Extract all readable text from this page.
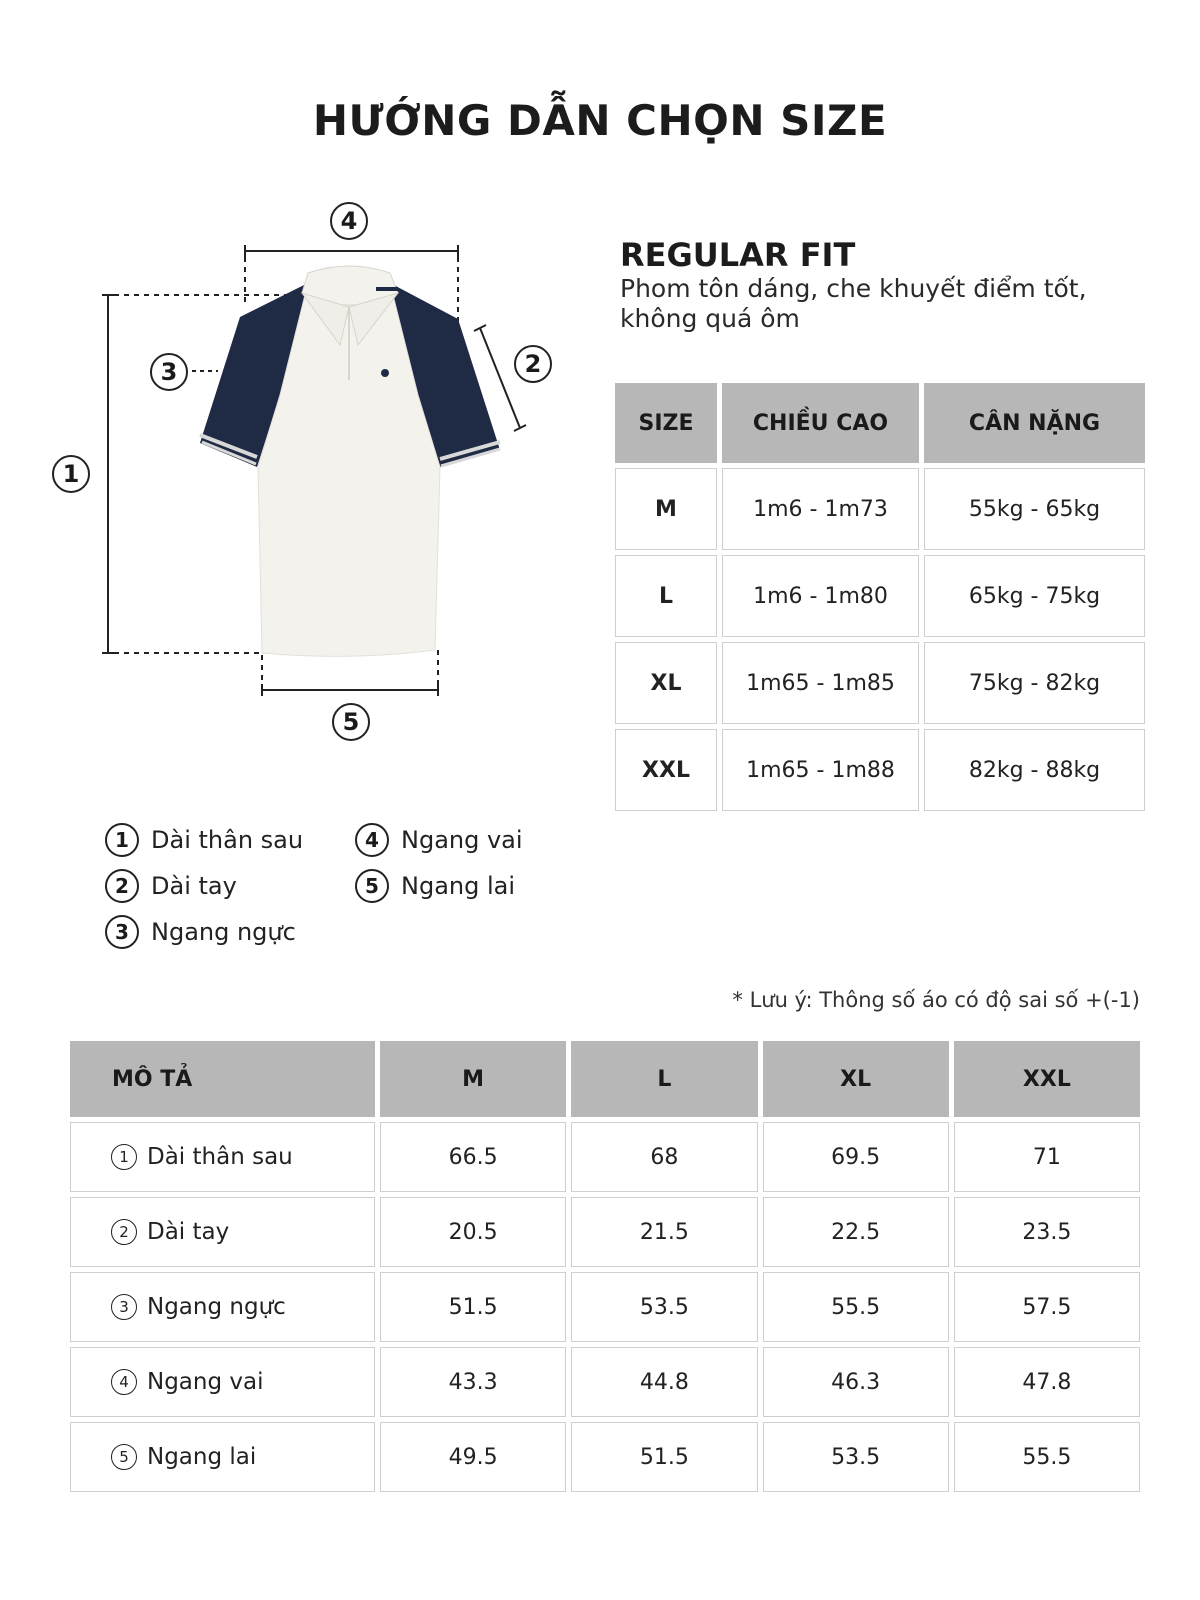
HƯỚNG DẪN CHỌN SIZE
4
2
3
1
5
REGULAR FIT
Phom tôn dáng, che khuyết điểm tốt, không quá ôm
SIZE	CHIỀU CAO	CÂN NẶNG
M	1m6 - 1m73	55kg - 65kg
L	1m6 - 1m80	65kg - 75kg
XL	1m65 - 1m85	75kg - 82kg
XXL	1m65 - 1m88	82kg - 88kg
1 Dài thân sau
2 Dài tay
3 Ngang ngực
4 Ngang vai
5 Ngang lai
* Lưu ý: Thông số áo có độ sai số +(-1)
MÔ TẢ	M	L	XL	XXL
1 Dài thân sau	66.5	68	69.5	71
2 Dài tay	20.5	21.5	22.5	23.5
3 Ngang ngực	51.5	53.5	55.5	57.5
4 Ngang vai	43.3	44.8	46.3	47.8
5 Ngang lai	49.5	51.5	53.5	55.5
